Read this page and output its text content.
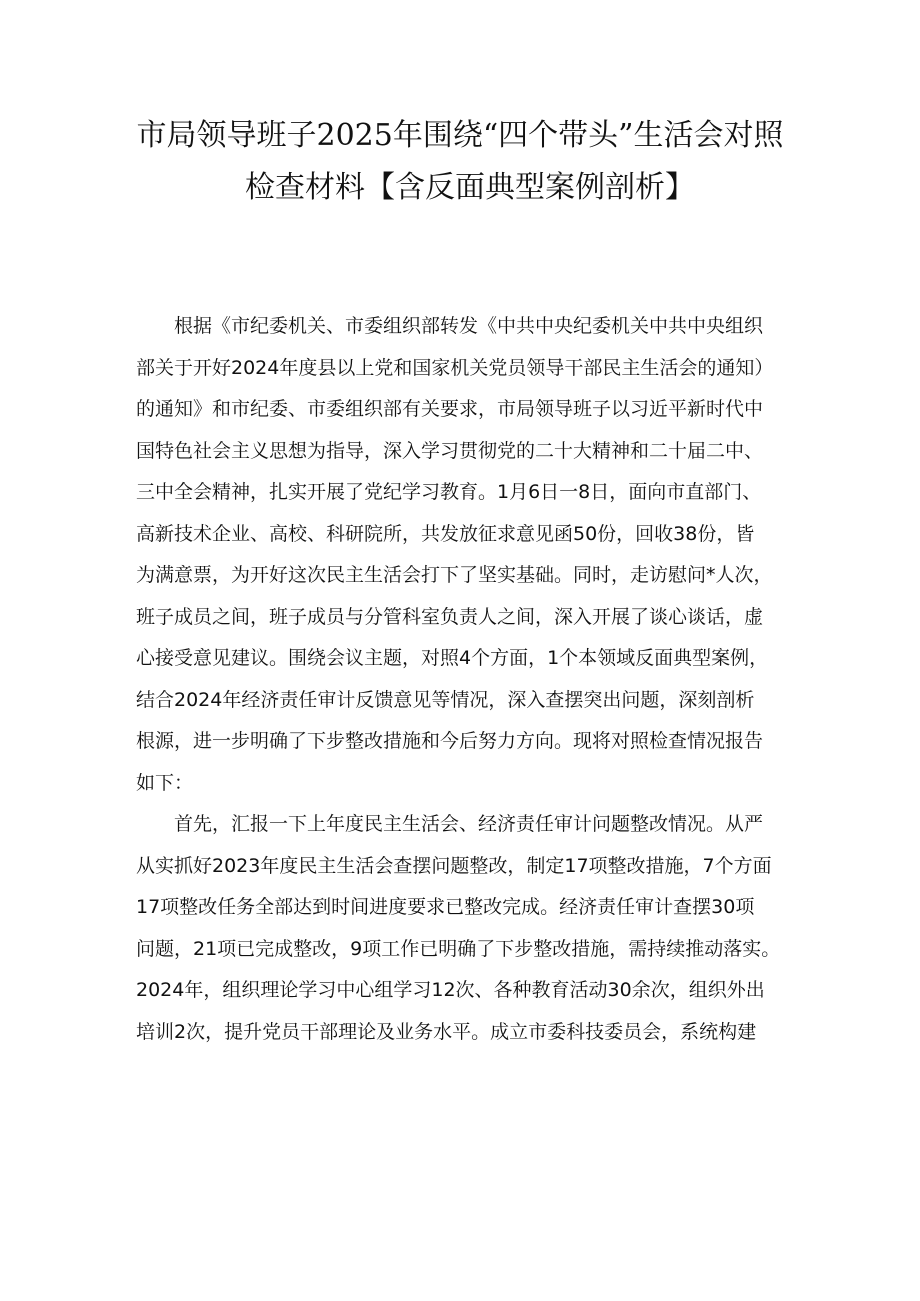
市局领导班子2025年围绕“四个带头”生活会对照
检查材料【含反面典型案例剖析】
根据《市纪委机关、市委组织部转发《中共中央纪委机关中共中央组织
部关于开好2024年度县以上党和国家机关党员领导干部民主生活会的通知）
的通知》和市纪委、市委组织部有关要求，市局领导班子以习近平新时代中
国特色社会主义思想为指导，深入学习贯彻党的二十大精神和二十届二中、
三中全会精神，扎实开展了党纪学习教育。1月6日一8日，面向市直部门、
高新技术企业、高校、科研院所，共发放征求意见函50份，回收38份，皆
为满意票，为开好这次民主生活会打下了坚实基础。同时，走访慰问*人次，
班子成员之间，班子成员与分管科室负责人之间，深入开展了谈心谈话，虚
心接受意见建议。围绕会议主题，对照4个方面，1个本领域反面典型案例，
结合2024年经济责任审计反馈意见等情况，深入查摆突出问题，深刻剖析
根源，进一步明确了下步整改措施和今后努力方向。现将对照检查情况报告
如下：
首先，汇报一下上年度民主生活会、经济责任审计问题整改情况。从严
从实抓好2023年度民主生活会查摆问题整改，制定17项整改措施，7个方面
17项整改任务全部达到时间进度要求已整改完成。经济责任审计查摆30项
问题，21项已完成整改，9项工作已明确了下步整改措施，需持续推动落实。
2024年，组织理论学习中心组学习12次、各种教育活动30余次，组织外出
培训2次，提升党员干部理论及业务水平。成立市委科技委员会，系统构建
